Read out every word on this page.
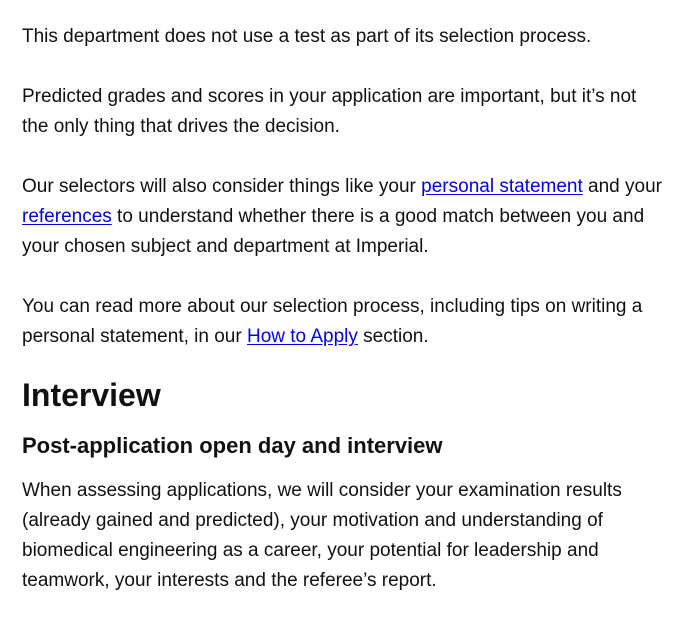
This department does not use a test as part of its selection process.

Predicted grades and scores in your application are important, but it’s not the only thing that drives the decision.

Our selectors will also consider things like your personal statement and your references to understand whether there is a good match between you and your chosen subject and department at Imperial.

You can read more about our selection process, including tips on writing a personal statement, in our How to Apply section.

Interview
Post-application open day and interview

When assessing applications, we will consider your examination results (already gained and predicted), your motivation and understanding of biomedical engineering as a career, your potential for leadership and teamwork, your interests and the referee’s report.
